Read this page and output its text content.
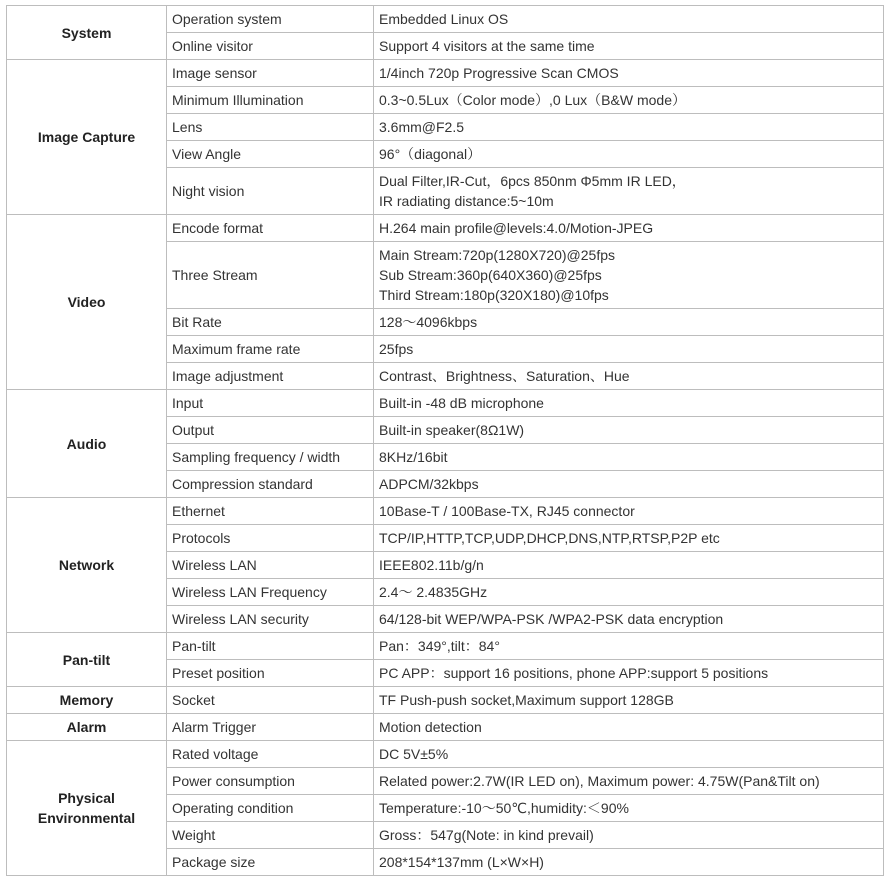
System	Operation system	Embedded Linux OS

	Online visitor	Support 4 visitors at the same time

Image Capture	Image sensor	1/4inch 720p Progressive Scan CMOS

	Minimum Illumination	0.3~0.5Lux（Color mode）,0 Lux（B&W mode）

	Lens	3.6mm@F2.5

	View Angle	96°（diagonal）

	Night vision	Dual Filter,IR-Cut，6pcs 850nm Φ5mm IR LED，
IR radiating distance:5~10m

Video	Encode format	H.264 main profile@levels:4.0/Motion-JPEG

	Three Stream	Main Stream:720p(1280X720)@25fps
Sub Stream:360p(640X360)@25fps
Third Stream:180p(320X180)@10fps

	Bit Rate	128～4096kbps

	Maximum frame rate	25fps

	Image adjustment	Contrast、Brightness、Saturation、Hue

Audio	Input	Built-in -48 dB microphone

	Output	Built-in speaker(8Ω1W)

	Sampling frequency / width	8KHz/16bit

	Compression standard	ADPCM/32kbps

Network	Ethernet	10Base-T / 100Base-TX, RJ45 connector

	Protocols	TCP/IP,HTTP,TCP,UDP,DHCP,DNS,NTP,RTSP,P2P etc

	Wireless LAN	IEEE802.11b/g/n

	Wireless LAN Frequency	2.4～ 2.4835GHz

	Wireless LAN security	64/128-bit WEP/WPA-PSK /WPA2-PSK data encryption

Pan-tilt	Pan-tilt	Pan：349°,tilt：84°

	Preset position	PC APP：support 16 positions, phone APP:support 5 positions

Memory	Socket	TF Push-push socket,Maximum support 128GB

Alarm	Alarm Trigger	Motion detection

Physical
Environmental	Rated voltage	DC 5V±5%

	Power consumption	Related power:2.7W(IR LED on), Maximum power: 4.75W(Pan&Tilt on)

	Operating condition	Temperature:-10～50℃,humidity:＜90%

	Weight	Gross：547g(Note: in kind prevail)

	Package size	208*154*137mm (L×W×H)
